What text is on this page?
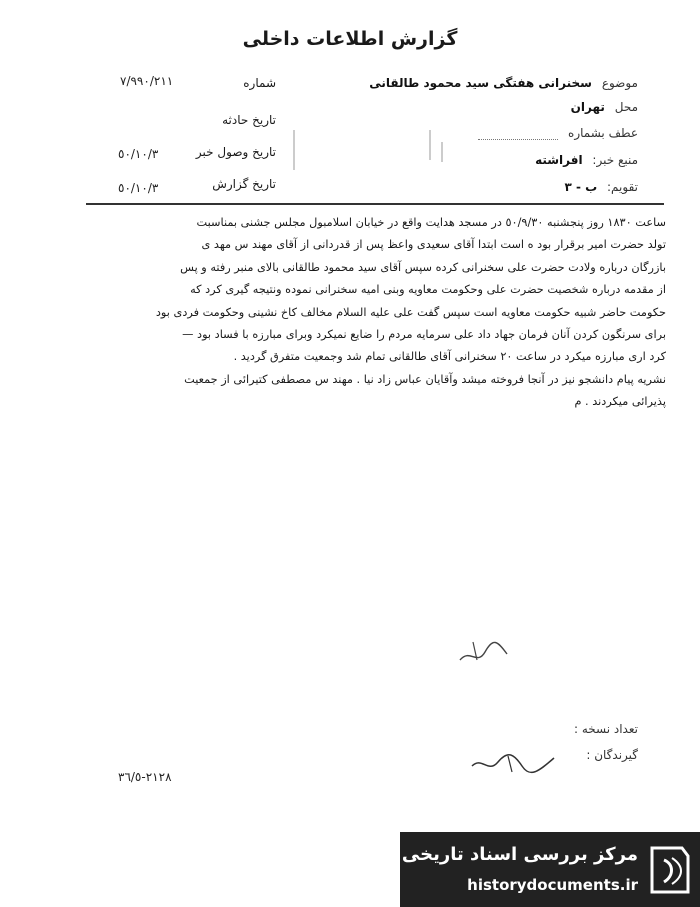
گزارش اطلاعات داخلی
موضوع سخنرانی هفتگی سید محمود طالقانی
محل تهران
عطف بشماره
منبع خبر: افراشته
تقویم: ب - ٣
شماره
٧/٩٩٠/٢١١
تاریخ حادثه
تاریخ وصول خبر
٥٠/١٠/٣
تاریخ گزارش
٥٠/١٠/٣
ساعت ١٨٣٠ روز پنجشنبه ٥٠/٩/٣٠ در مسجد هدایت واقع در خیابان اسلامبول مجلس جشنی بمناسبت
تولد حضرت امیر برقرار بود ه است ابتدا آقای سعیدی واعظ پس از قدردانی از آقای مهند س مهد ی
بازرگان درباره ولادت حضرت علی سخنرانی کرده سپس آقای سید محمود طالقانی بالای منبر رفته و پس
از مقدمه درباره شخصیت حضرت علی وحکومت معاویه وبنی امیه سخنرانی نموده ونتیجه گیری کرد که
حکومت حاضر شبیه حکومت معاویه است سپس گفت علی علیه السلام مخالف کاخ نشینی وحکومت فردی بود
برای سرنگون کردن آنان فرمان جهاد داد علی سرمایه مردم را ضایع نمیکرد وبرای مبارزه با فساد بود —
کرد اری مبارزه میکرد در ساعت ٢٠ سخنرانی آقای طالقانی تمام شد وجمعیت متفرق گردید .
نشریه پیام دانشجو نیز در آنجا فروخته میشد وآقایان عباس زاد نیا . مهند س مصطفی کتیرائی از جمعیت
پذیرائی میکردند . م
تعداد نسخه :
گیرندگان :
٢١٢٨-٣٦/٥
مرکز بررسی اسناد تاریخی
historydocuments.ir
